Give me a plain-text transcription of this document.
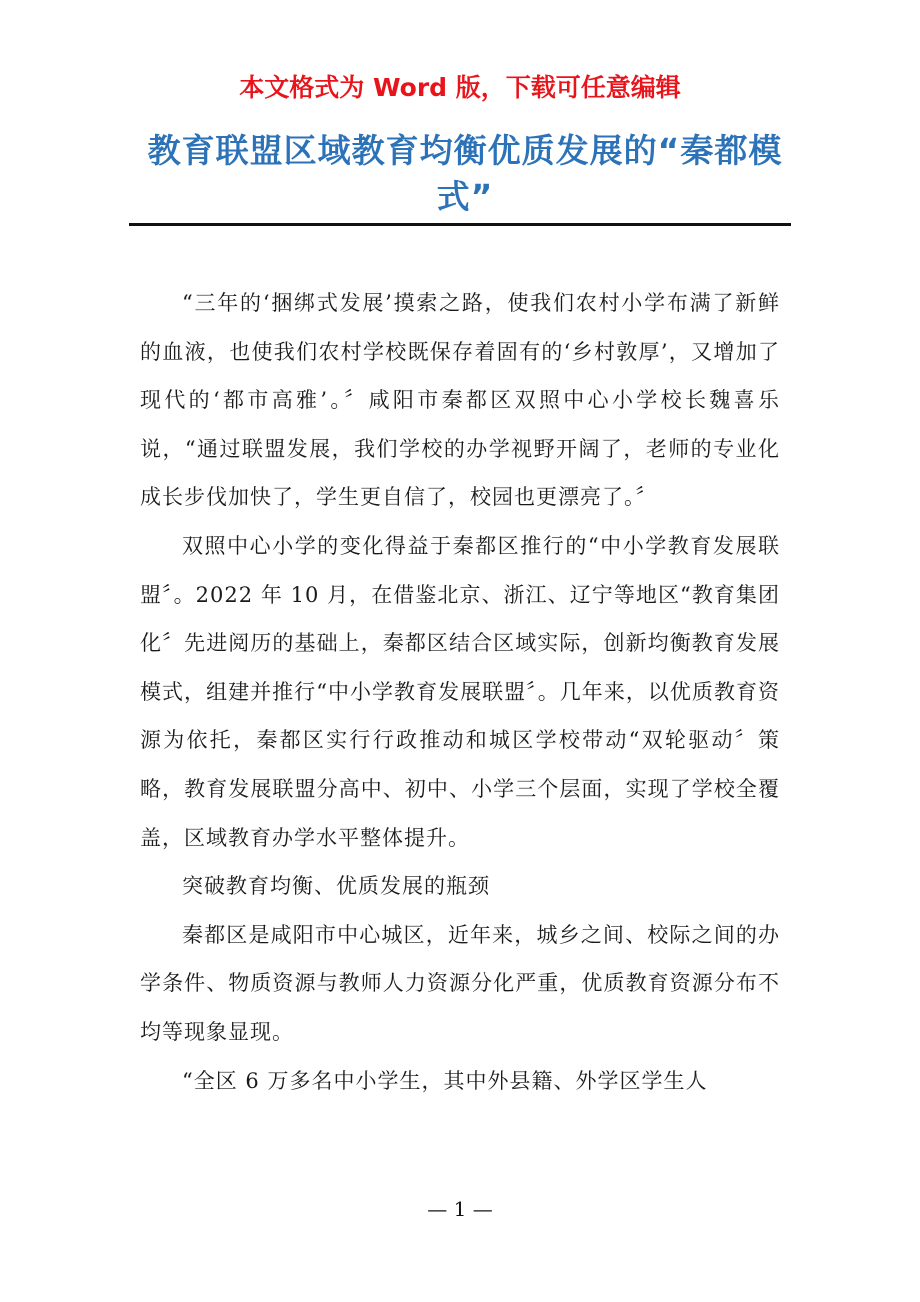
本文格式为 Word 版，下载可任意编辑
教育联盟区域教育均衡优质发展的“秦都模式”

“三年的‘捆绑式发展’摸索之路，使我们农村小学布满了新鲜的血液，也使我们农村学校既保存着固有的‘乡村敦厚’，又增加了现代的‘都市高雅’。〞咸阳市秦都区双照中心小学校长魏喜乐说，“通过联盟发展，我们学校的办学视野开阔了，老师的专业化成长步伐加快了，学生更自信了，校园也更漂亮了。〞

双照中心小学的变化得益于秦都区推行的“中小学教育发展联盟〞。2022 年 10 月，在借鉴北京、浙江、辽宁等地区“教育集团化〞先进阅历的基础上，秦都区结合区域实际，创新均衡教育发展模式，组建并推行“中小学教育发展联盟〞。几年来，以优质教育资源为依托，秦都区实行行政推动和城区学校带动“双轮驱动〞策略，教育发展联盟分高中、初中、小学三个层面，实现了学校全覆盖，区域教育办学水平整体提升。

突破教育均衡、优质发展的瓶颈

秦都区是咸阳市中心城区，近年来，城乡之间、校际之间的办学条件、物质资源与教师人力资源分化严重，优质教育资源分布不均等现象显现。

“全区 6 万多名中小学生，其中外县籍、外学区学生人

— 1 —
